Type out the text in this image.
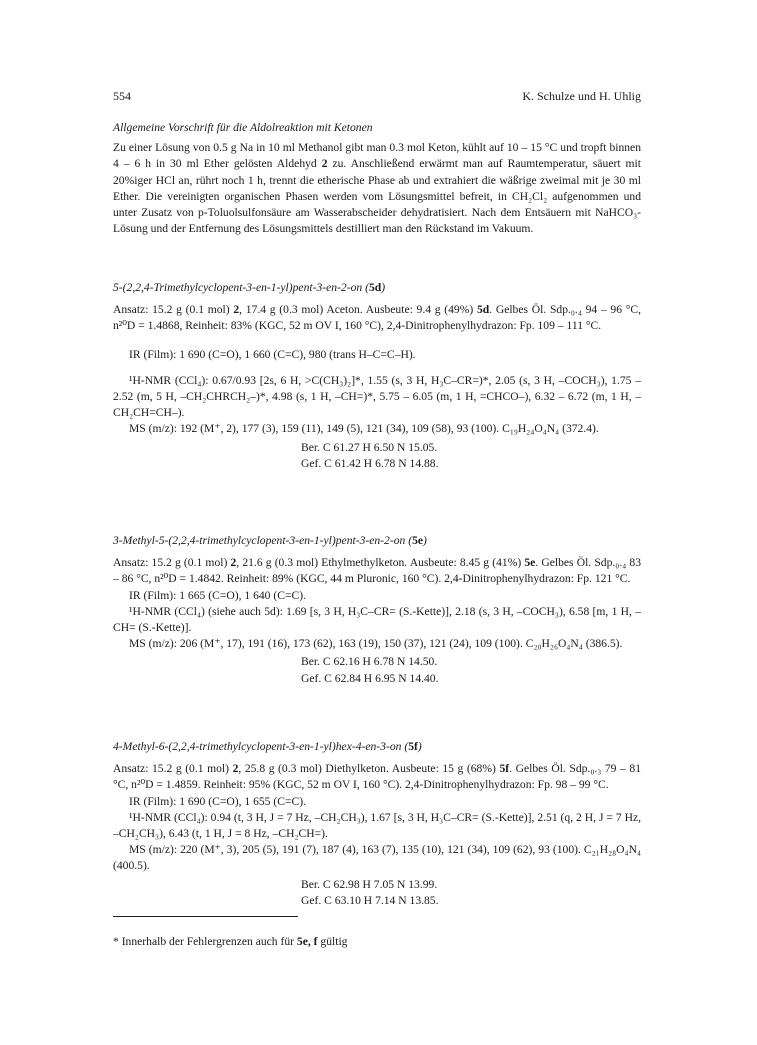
554	K. Schulze und H. Uhlig

Allgemeine Vorschrift für die Aldolreaktion mit Ketonen

Zu einer Lösung von 0.5 g Na in 10 ml Methanol gibt man 0.3 mol Keton, kühlt auf 10 – 15 °C und tropft binnen 4 – 6 h in 30 ml Ether gelösten Aldehyd 2 zu. Anschließend erwärmt man auf Raumtemperatur, säuert mit 20%iger HCl an, rührt noch 1 h, trennt die etherische Phase ab und extrahiert die wäßrige zweimal mit je 30 ml Ether. Die vereinigten organischen Phasen werden vom Lösungsmittel befreit, in CH₂Cl₂ aufgenommen und unter Zusatz von p-Toluolsulfonsäure am Wasserabscheider dehydratisiert. Nach dem Entsäuern mit NaHCO₃-Lösung und der Entfernung des Lösungsmittels destilliert man den Rückstand im Vakuum.

5-(2,2,4-Trimethylcyclopent-3-en-1-yl)pent-3-en-2-on (5d)

Ansatz: 15.2 g (0.1 mol) 2, 17.4 g (0.3 mol) Aceton. Ausbeute: 9.4 g (49%) 5d. Gelbes Öl. Sdp.₀.₄ 94 – 96 °C, n²⁰D = 1.4868, Reinheit: 83% (KGC, 52 m OV I, 160 °C), 2,4-Dinitrophenylhydrazon: Fp. 109 – 111 °C.

IR (Film): 1 690 (C=O), 1 660 (C=C), 980 (trans H–C=C–H).

¹H-NMR (CCl₄): 0.67/0.93 [2s, 6 H, >C(CH₃)₂]*, 1.55 (s, 3 H, H₃C–CR=)*, 2.05 (s, 3 H, –COCH₃), 1.75 – 2.52 (m, 5 H, –CH₂CHRCH₂–)*, 4.98 (s, 1 H, –CH=)*, 5.75 – 6.05 (m, 1 H, =CHCO–), 6.32 – 6.72 (m, 1 H, –CH₂CH=CH–).

MS (m/z): 192 (M⁺, 2), 177 (3), 159 (11), 149 (5), 121 (34), 109 (58), 93 (100). C₁₉H₂₄O₄N₄ (372.4).

Ber. C 61.27 H 6.50 N 15.05.

Gef. C 61.42 H 6.78 N 14.88.

3-Methyl-5-(2,2,4-trimethylcyclopent-3-en-1-yl)pent-3-en-2-on (5e)

Ansatz: 15.2 g (0.1 mol) 2, 21.6 g (0.3 mol) Ethylmethylketon. Ausbeute: 8.45 g (41%) 5e. Gelbes Öl. Sdp.₀.₄ 83 – 86 °C, n²⁰D = 1.4842. Reinheit: 89% (KGC, 44 m Pluronic, 160 °C). 2,4-Dinitrophenylhydrazon: Fp. 121 °C.

IR (Film): 1 665 (C=O), 1 640 (C=C).

¹H-NMR (CCl₄) (siehe auch 5d): 1.69 [s, 3 H, H₃C–CR= (S.-Kette)], 2.18 (s, 3 H, –COCH₃), 6.58 [m, 1 H, –CH= (S.-Kette)].

MS (m/z): 206 (M⁺, 17), 191 (16), 173 (62), 163 (19), 150 (37), 121 (24), 109 (100). C₂₀H₂₆O₄N₄ (386.5).

Ber. C 62.16 H 6.78 N 14.50.

Gef. C 62.84 H 6.95 N 14.40.

4-Methyl-6-(2,2,4-trimethylcyclopent-3-en-1-yl)hex-4-en-3-on (5f)

Ansatz: 15.2 g (0.1 mol) 2, 25.8 g (0.3 mol) Diethylketon. Ausbeute: 15 g (68%) 5f. Gelbes Öl. Sdp.₀.₃ 79 – 81 °C, n²⁰D = 1.4859. Reinheit: 95% (KGC, 52 m OV I, 160 °C). 2,4-Dinitrophenylhydrazon: Fp. 98 – 99 °C.

IR (Film): 1 690 (C=O), 1 655 (C=C).

¹H-NMR (CCl₄): 0.94 (t, 3 H, J = 7 Hz, –CH₂CH₃), 1.67 [s, 3 H, H₃C–CR= (S.-Kette)], 2.51 (q, 2 H, J = 7 Hz, –CH₂CH₃), 6.43 (t, 1 H, J = 8 Hz, –CH₂CH=).

MS (m/z): 220 (M⁺, 3), 205 (5), 191 (7), 187 (4), 163 (7), 135 (10), 121 (34), 109 (62), 93 (100). C₂₁H₂₈O₄N₄ (400.5).

Ber. C 62.98 H 7.05 N 13.99.

Gef. C 63.10 H 7.14 N 13.85.

* Innerhalb der Fehlergrenzen auch für 5e, f gültig
